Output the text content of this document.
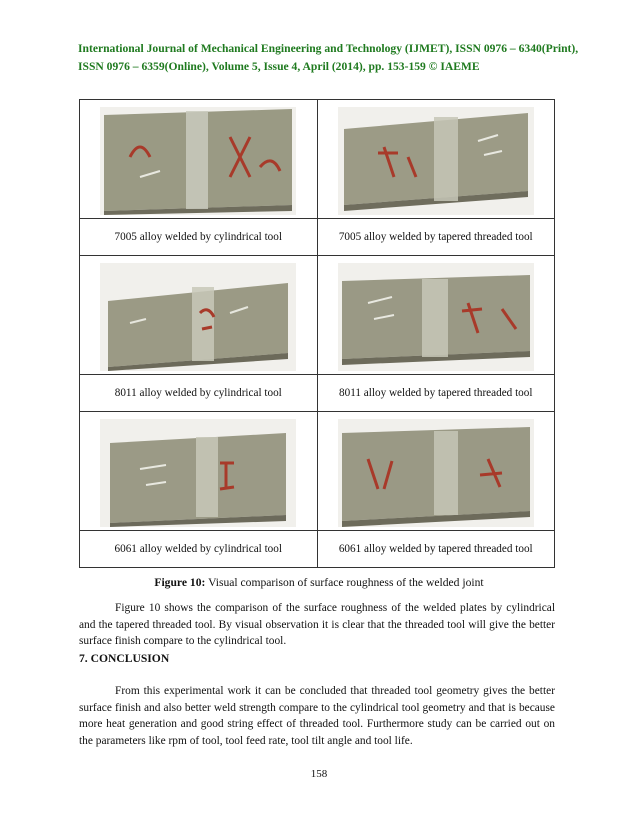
International Journal of Mechanical Engineering and Technology (IJMET), ISSN 0976 – 6340(Print),
ISSN 0976 – 6359(Online), Volume 5, Issue 4, April (2014), pp. 153-159 © IAEME

7005 alloy welded by cylindrical tool	7005 alloy welded by tapered threaded tool

8011 alloy welded by cylindrical tool	8011 alloy welded by tapered threaded tool

6061 alloy welded by cylindrical tool	6061 alloy welded by tapered threaded tool
Figure 10: Visual comparison of surface roughness of the welded joint

Figure 10 shows the comparison of the surface roughness of the welded plates by cylindrical and the tapered threaded tool. By visual observation it is clear that the threaded tool will give the better surface finish compare to the cylindrical tool.

7. CONCLUSION

From this experimental work it can be concluded that threaded tool geometry gives the better surface finish and also better weld strength compare to the cylindrical tool geometry and that is because more heat generation and good string effect of threaded tool. Furthermore study can be carried out on the parameters like rpm of tool, tool feed rate, tool tilt angle and tool life.

158
